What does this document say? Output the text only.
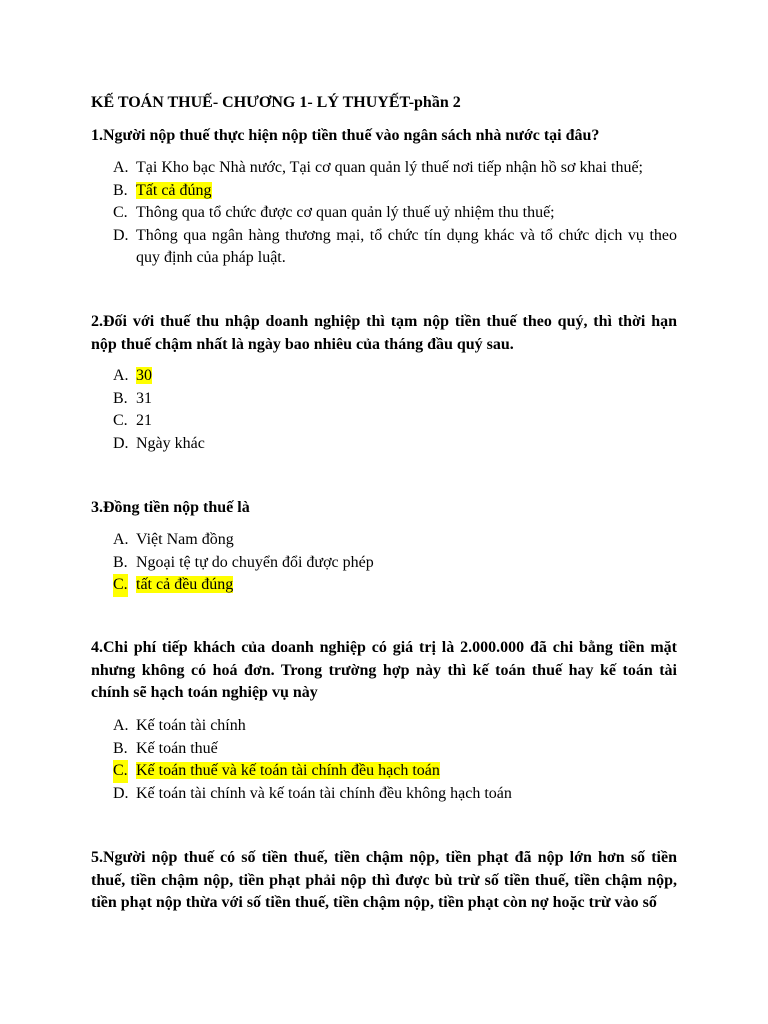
KẾ TOÁN THUẾ- CHƯƠNG 1- LÝ THUYẾT-phần 2
1.Người nộp thuế thực hiện nộp tiền thuế vào ngân sách nhà nước tại đâu?
A. Tại Kho bạc Nhà nước, Tại cơ quan quản lý thuế nơi tiếp nhận hồ sơ khai thuế;
B. Tất cả đúng
C. Thông qua tổ chức được cơ quan quản lý thuế uỷ nhiệm thu thuế;
D. Thông qua ngân hàng thương mại, tổ chức tín dụng khác và tổ chức dịch vụ theo quy định của pháp luật.
2.Đối với thuế thu nhập doanh nghiệp thì tạm nộp tiền thuế theo quý, thì thời hạn nộp thuế chậm nhất là ngày bao nhiêu của tháng đầu quý sau.
A. 30
B. 31
C. 21
D. Ngày khác
3.Đồng tiền nộp thuế là
A. Việt Nam đồng
B. Ngoại tệ tự do chuyển đổi được phép
C. tất cả đều đúng
4.Chi phí tiếp khách của doanh nghiệp có giá trị là 2.000.000 đã chi bằng tiền mặt nhưng không có hoá đơn. Trong trường hợp này thì kế toán thuế hay kế toán tài chính sẽ hạch toán nghiệp vụ này
A. Kế toán tài chính
B. Kế toán thuế
C. Kế toán thuế và kế toán tài chính đều hạch toán
D. Kế toán tài chính và kế toán tài chính đều không hạch toán
5.Người nộp thuế có số tiền thuế, tiền chậm nộp, tiền phạt đã nộp lớn hơn số tiền thuế, tiền chậm nộp, tiền phạt phải nộp thì được bù trừ số tiền thuế, tiền chậm nộp, tiền phạt nộp thừa với số tiền thuế, tiền chậm nộp, tiền phạt còn nợ hoặc trừ vào số
